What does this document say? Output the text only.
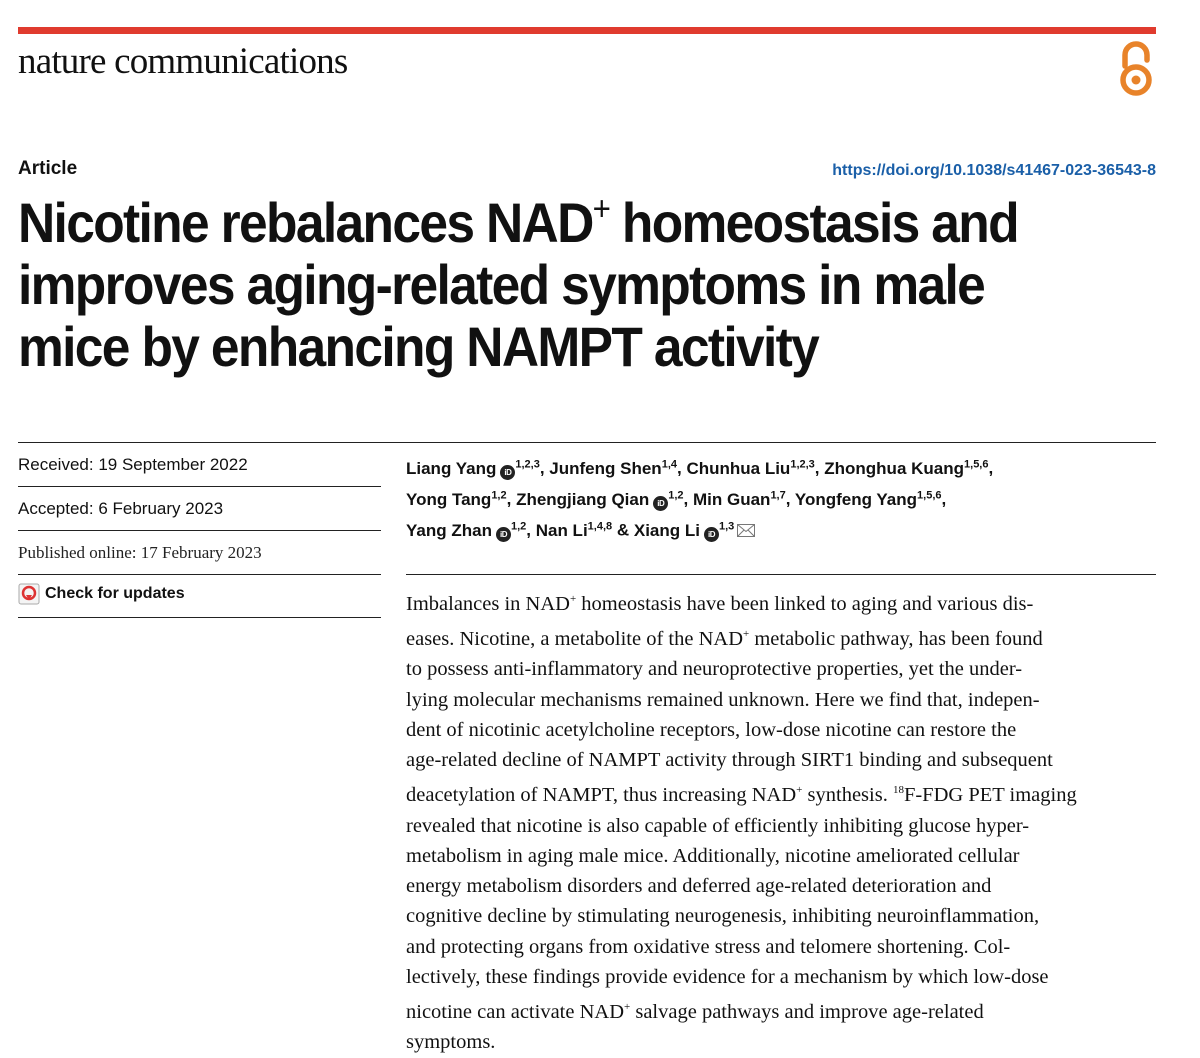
nature communications
Article	https://doi.org/10.1038/s41467-023-36543-8
Nicotine rebalances NAD+ homeostasis and
improves aging-related symptoms in male
mice by enhancing NAMPT activity
Received: 19 September 2022
Accepted: 6 February 2023
Published online: 17 February 2023
Check for updates
Liang Yang iD$^{1,2,3}$, Junfeng Shen$^{1,4}$, Chunhua Liu$^{1,2,3}$, Zhonghua Kuang$^{1,5,6}$,
Yong Tang$^{1,2}$, Zhengjiang Qian iD$^{1,2}$, Min Guan$^{1,7}$, Yongfeng Yang$^{1,5,6}$,
Yang Zhan iD$^{1,2}$, Nan Li$^{1,4,8}$ & Xiang Li iD$^{1,3}$
Imbalances in NAD+ homeostasis have been linked to aging and various dis-
eases. Nicotine, a metabolite of the NAD+ metabolic pathway, has been found
to possess anti-inflammatory and neuroprotective properties, yet the under-
lying molecular mechanisms remained unknown. Here we find that, indepen-
dent of nicotinic acetylcholine receptors, low-dose nicotine can restore the
age-related decline of NAMPT activity through SIRT1 binding and subsequent
deacetylation of NAMPT, thus increasing NAD+ synthesis. $^{18}$F-FDG PET imaging
revealed that nicotine is also capable of efficiently inhibiting glucose hyper-
metabolism in aging male mice. Additionally, nicotine ameliorated cellular
energy metabolism disorders and deferred age-related deterioration and
cognitive decline by stimulating neurogenesis, inhibiting neuroinflammation,
and protecting organs from oxidative stress and telomere shortening. Col-
lectively, these findings provide evidence for a mechanism by which low-dose
nicotine can activate NAD+ salvage pathways and improve age-related
symptoms.
